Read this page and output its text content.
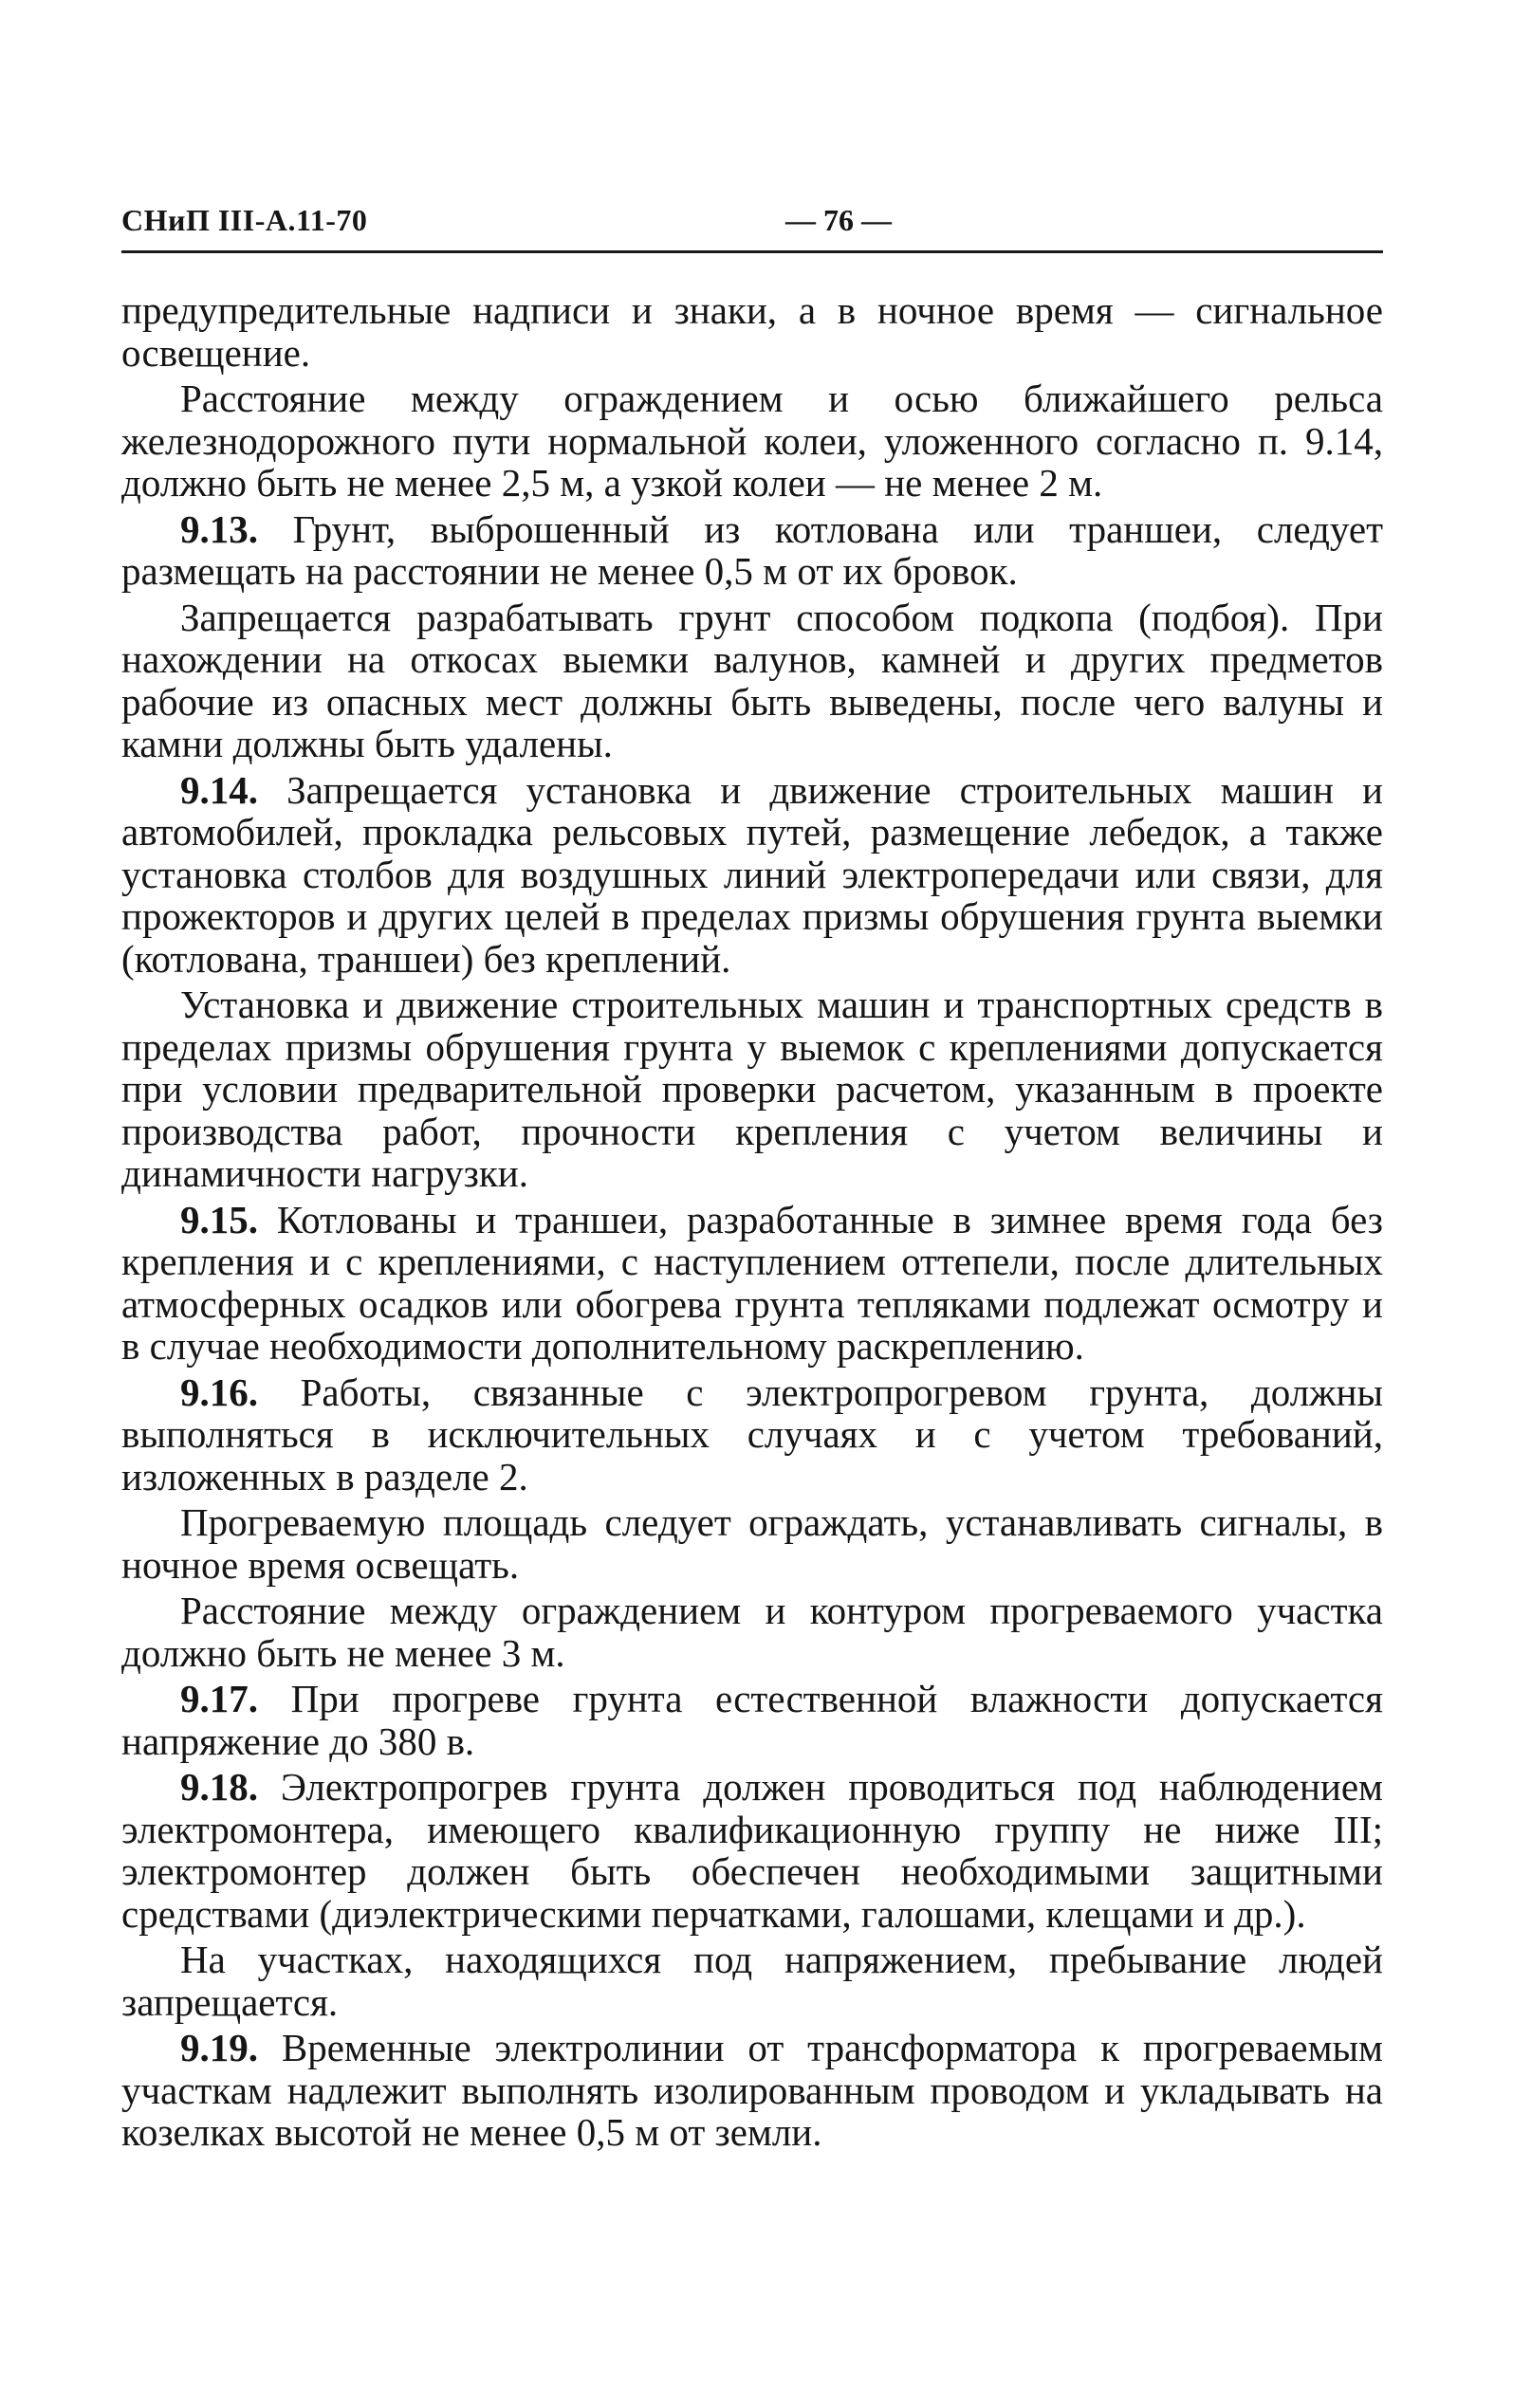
СНиП III-А.11-70	— 76 —

предупредительные надписи и знаки, а в ночное время — сигнальное освещение.

Расстояние между ограждением и осью ближайшего рельса железнодорожного пути нормальной колеи, уложенного согласно п. 9.14, должно быть не менее 2,5 м, а узкой колеи — не менее 2 м.

9.13. Грунт, выброшенный из котлована или траншеи, следует размещать на расстоянии не менее 0,5 м от их бровок.

Запрещается разрабатывать грунт способом подкопа (подбоя). При нахождении на откосах выемки валунов, камней и других предметов рабочие из опасных мест должны быть выведены, после чего валуны и камни должны быть удалены.

9.14. Запрещается установка и движение строительных машин и автомобилей, прокладка рельсовых путей, размещение лебедок, а также установка столбов для воздушных линий электропередачи или связи, для прожекторов и других целей в пределах призмы обрушения грунта выемки (котлована, траншеи) без креплений.

Установка и движение строительных машин и транспортных средств в пределах призмы обрушения грунта у выемок с креплениями допускается при условии предварительной проверки расчетом, указанным в проекте производства работ, прочности крепления с учетом величины и динамичности нагрузки.

9.15. Котлованы и траншеи, разработанные в зимнее время года без крепления и с креплениями, с наступлением оттепели, после длительных атмосферных осадков или обогрева грунта тепляками подлежат осмотру и в случае необходимости дополнительному раскреплению.

9.16. Работы, связанные с электропрогревом грунта, должны выполняться в исключительных случаях и с учетом требований, изложенных в разделе 2.

Прогреваемую площадь следует ограждать, устанавливать сигналы, в ночное время освещать.

Расстояние между ограждением и контуром прогреваемого участка должно быть не менее 3 м.

9.17. При прогреве грунта естественной влажности допускается напряжение до 380 в.

9.18. Электропрогрев грунта должен проводиться под наблюдением электромонтера, имеющего квалификационную группу не ниже III; электромонтер должен быть обеспечен необходимыми защитными средствами (диэлектрическими перчатками, галошами, клещами и др.).

На участках, находящихся под напряжением, пребывание людей запрещается.

9.19. Временные электролинии от трансформатора к прогреваемым участкам надлежит выполнять изолированным проводом и укладывать на козелках высотой не менее 0,5 м от земли.
